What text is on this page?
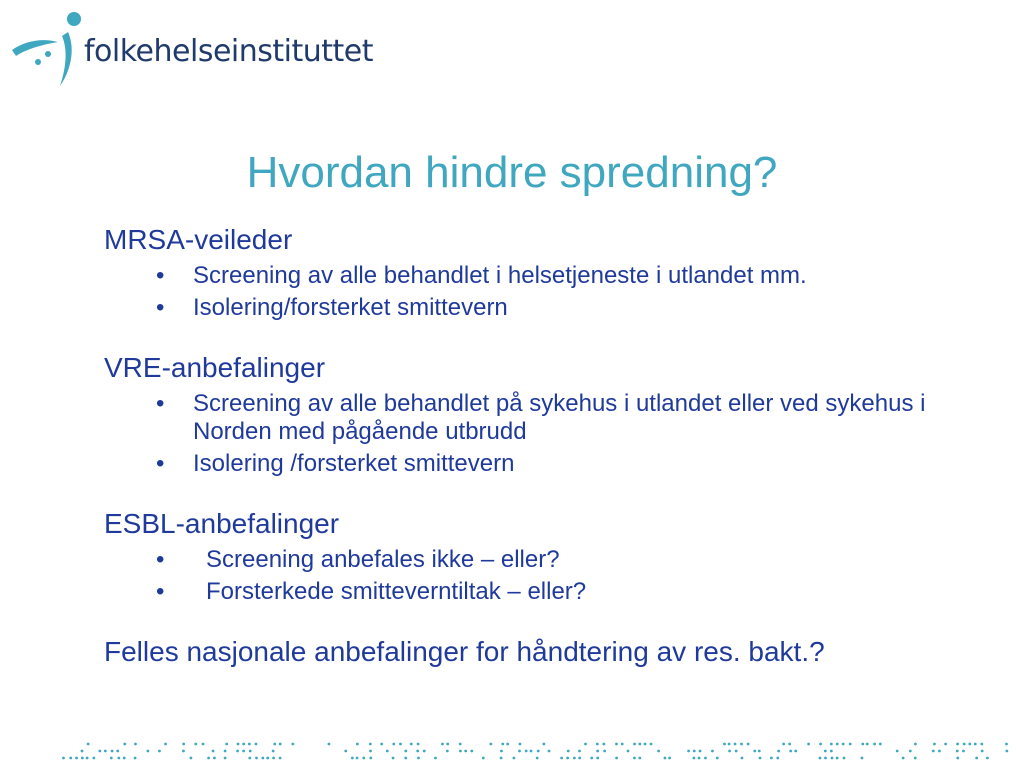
folkehelseinstituttet
Hvordan hindre spredning?
MRSA-veileder
• Screening av alle behandlet i helsetjeneste i utlandet mm.
• Isolering/forsterket smittevern
VRE-anbefalinger
• Screening av alle behandlet på sykehus i utlandet eller ved sykehus i Norden med pågående utbrudd
• Isolering /forsterket smittevern
ESBL-anbefalinger
• Screening anbefales ikke – eller?
• Forsterkede smitteverntiltak – eller?
Felles nasjonale anbefalinger for håndtering av res. bakt.?
